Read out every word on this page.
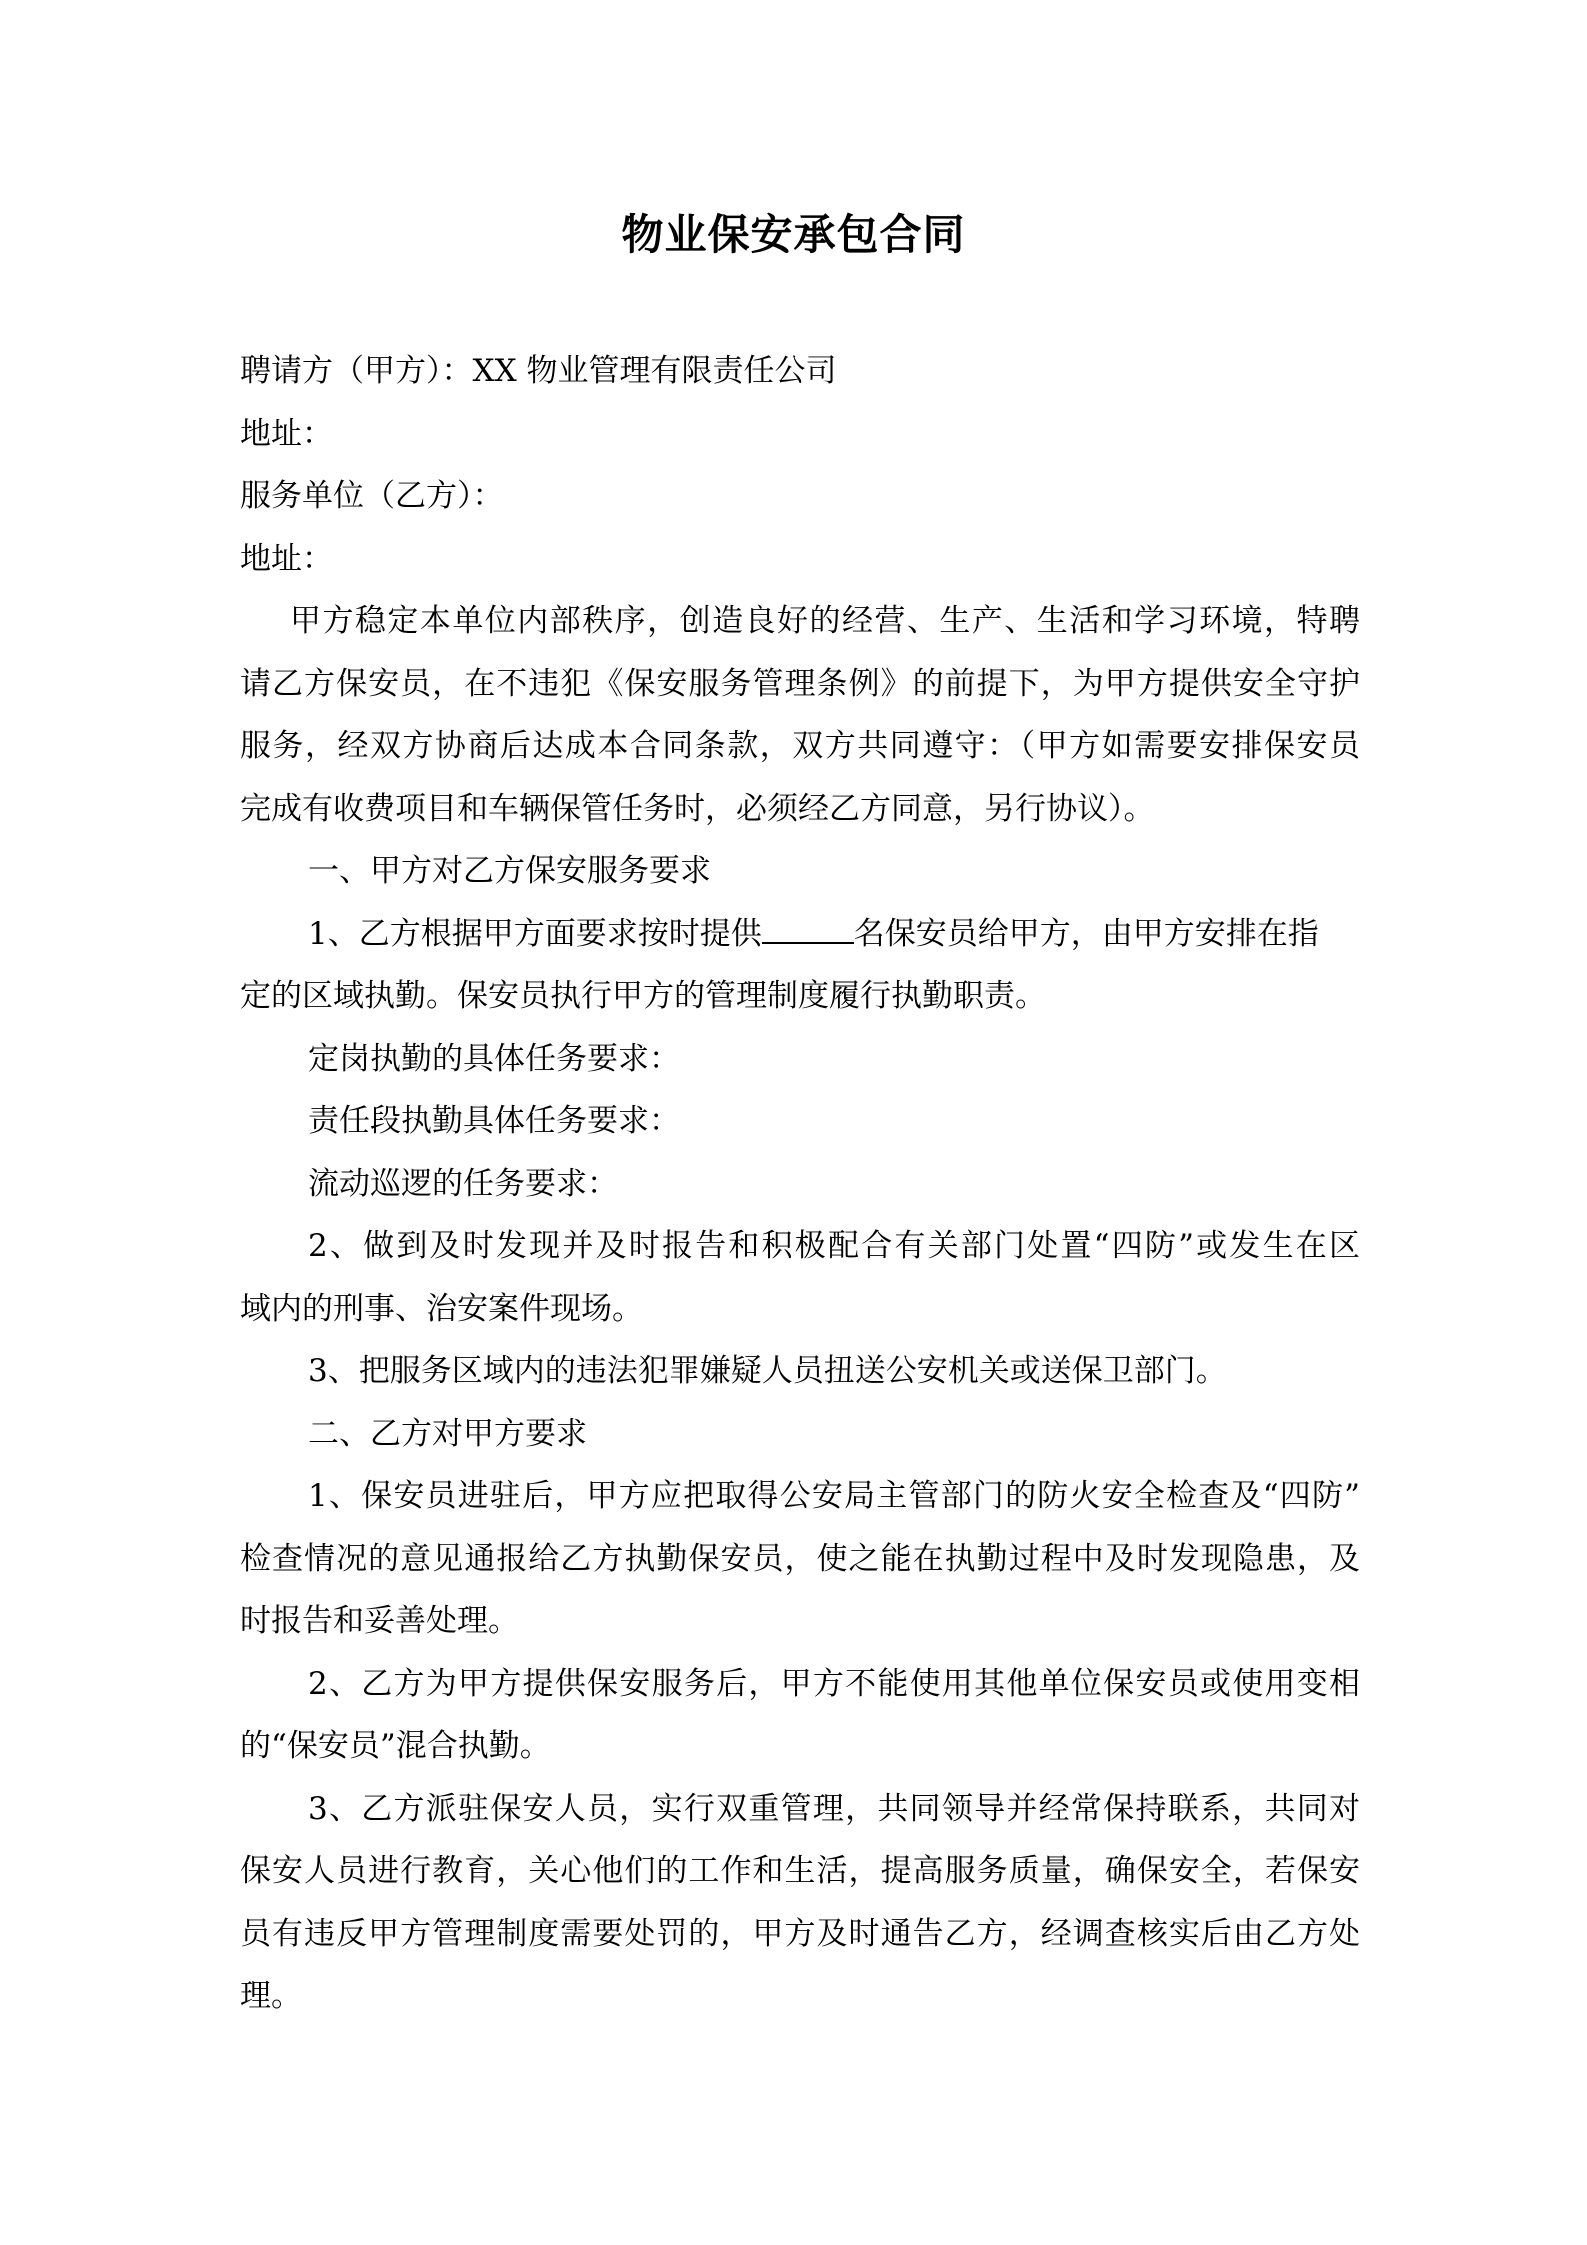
物业保安承包合同
聘请方（甲方）：XX 物业管理有限责任公司
地址：
服务单位（乙方）：
地址：
甲方稳定本单位内部秩序，创造良好的经营、生产、生活和学习环境，特聘
请乙方保安员，在不违犯《保安服务管理条例》的前提下，为甲方提供安全守护
服务，经双方协商后达成本合同条款，双方共同遵守：（甲方如需要安排保安员
完成有收费项目和车辆保管任务时，必须经乙方同意，另行协议）。
一、甲方对乙方保安服务要求
1、乙方根据甲方面要求按时提供	名保安员给甲方，由甲方安排在指
定的区域执勤。保安员执行甲方的管理制度履行执勤职责。
定岗执勤的具体任务要求：
责任段执勤具体任务要求：
流动巡逻的任务要求：
2、做到及时发现并及时报告和积极配合有关部门处置“四防”或发生在区
域内的刑事、治安案件现场。
3、把服务区域内的违法犯罪嫌疑人员扭送公安机关或送保卫部门。
二、乙方对甲方要求
1、保安员进驻后，甲方应把取得公安局主管部门的防火安全检查及“四防”
检查情况的意见通报给乙方执勤保安员，使之能在执勤过程中及时发现隐患，及
时报告和妥善处理。
2、乙方为甲方提供保安服务后，甲方不能使用其他单位保安员或使用变相
的“保安员”混合执勤。
3、乙方派驻保安人员，实行双重管理，共同领导并经常保持联系，共同对
保安人员进行教育，关心他们的工作和生活，提高服务质量，确保安全，若保安
员有违反甲方管理制度需要处罚的，甲方及时通告乙方，经调查核实后由乙方处
理。
